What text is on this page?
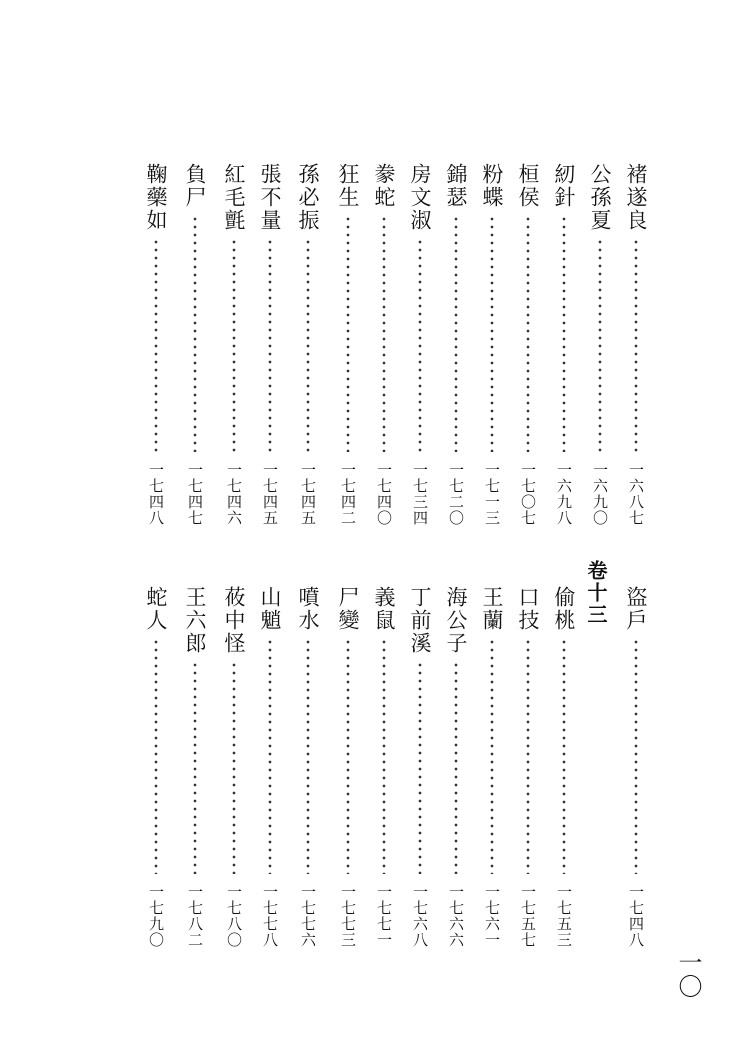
褚遂良
一六八七
公孫夏
一六九〇
紉針
一六九八
桓侯
一七〇七
粉蝶
一七一三
錦瑟
一七二〇
房文淑
一七三四
豢蛇
一七四〇
狂生
一七四二
孫必振
一七四五
張不量
一七四五
紅毛氈
一七四六
負尸
一七四七
鞠藥如
一七四八
盜戶
一七四八
偷桃
一七五三
口技
一七五七
王蘭
一七六一
海公子
一七六六
丁前溪
一七六八
義鼠
一七七一
尸變
一七七三
噴水
一七七六
山魈
一七七八
莜中怪
一七八〇
王六郎
一七八二
蛇人
一七九〇
卷十三
一〇
